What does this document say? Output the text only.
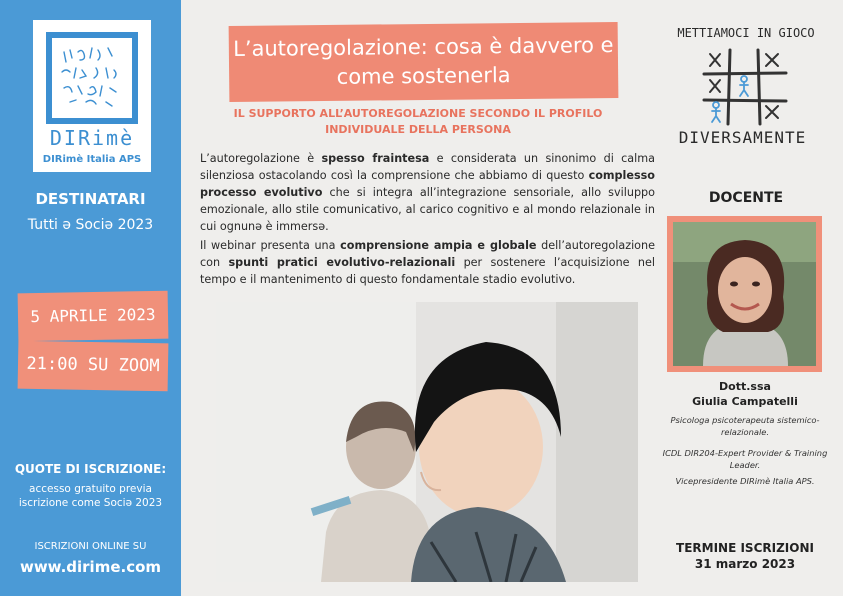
DIRimè
DIRimè Italia APS
DESTINATARI
Tutti ə Sociə 2023
5 APRILE 2023
21:00 SU ZOOM
QUOTE DI ISCRIZIONE:
accesso gratuito previa iscrizione come Sociə 2023
ISCRIZIONI ONLINE SU
www.dirime.com
L’autoregolazione: cosa è davvero e come sostenerla
IL SUPPORTO ALL’AUTOREGOLAZIONE SECONDO IL PROFILO INDIVIDUALE DELLA PERSONA

L’autoregolazione è spesso fraintesa e considerata un sinonimo di calma silenziosa ostacolando così la comprensione che abbiamo di questo complesso processo evolutivo che si integra all’integrazione sensoriale, allo sviluppo emozionale, allo stile comunicativo, al carico cognitivo e al mondo relazionale in cui ognunə è immersə.

Il webinar presenta una comprensione ampia e globale dell’autoregolazione con spunti pratici evolutivo-relazionali per sostenere l’acquisizione nel tempo e il mantenimento di questo fondamentale stadio evolutivo.

METTIAMOCI IN GIOCO
DIVERSAMENTE
DOCENTE
Dott.ssa
Giulia Campatelli
Psicologa psicoterapeuta sistemico-relazionale.
ICDL DIR204-Expert Provider & Training Leader.
Vicepresidente DIRimè Italia APS.
TERMINE ISCRIZIONI
31 marzo 2023
